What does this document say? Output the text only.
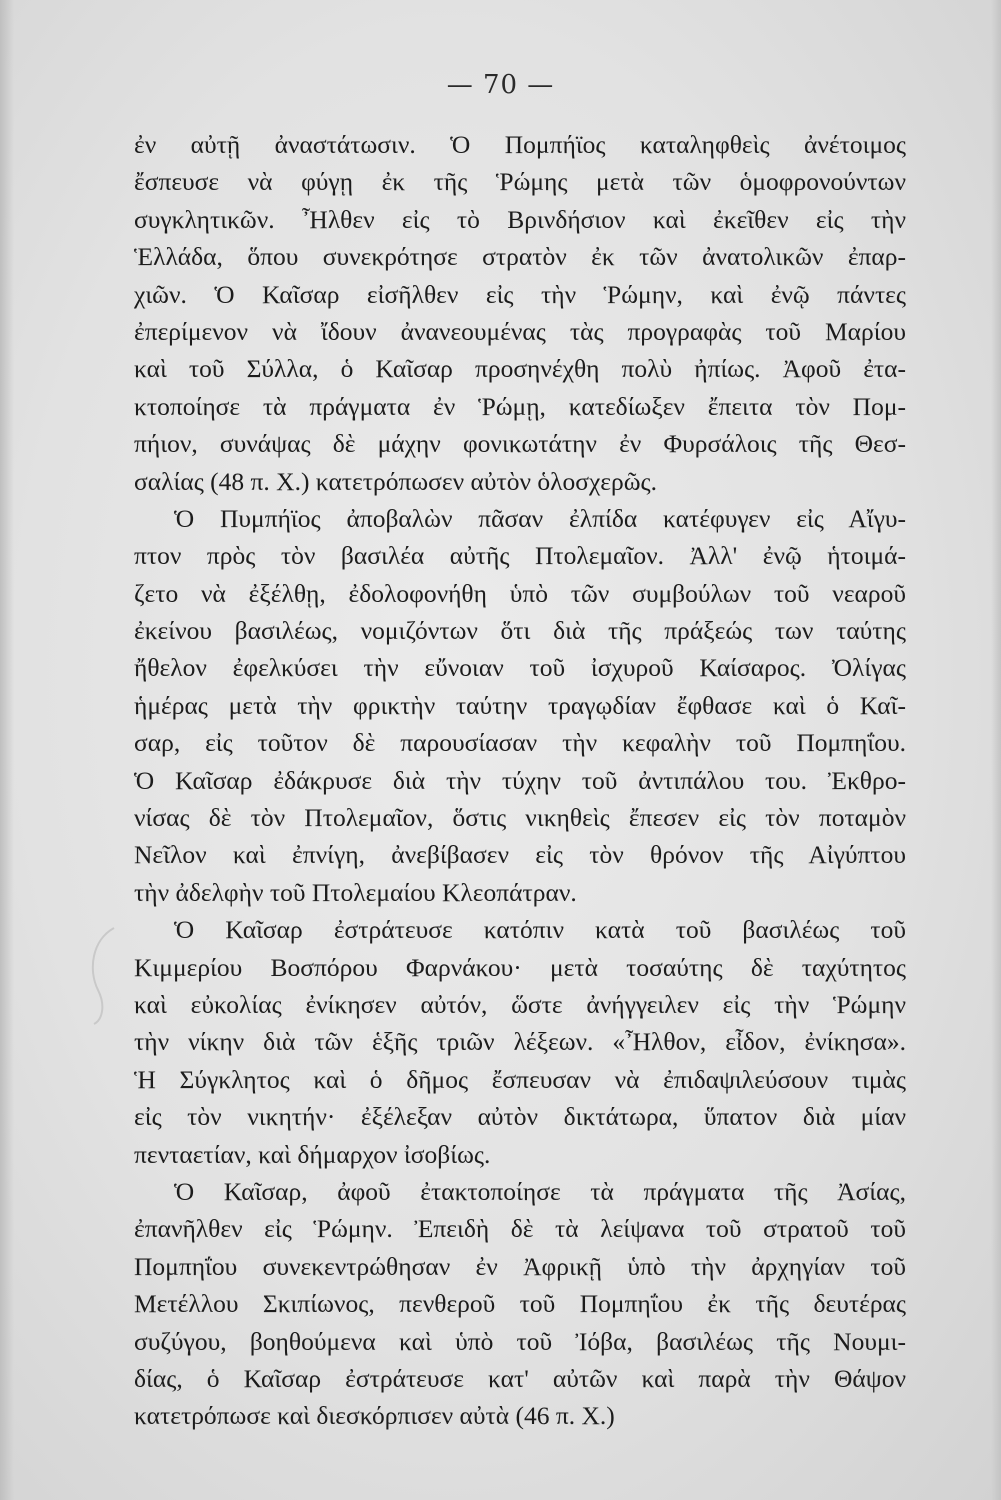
— 70 —
ἐν αὐτῇ ἀναστάτωσιν. Ὁ Πομπήϊος καταληφθεὶς ἀνέτοιμος
ἔσπευσε νὰ φύγῃ ἐκ τῆς Ῥώμης μετὰ τῶν ὁμοφρονούντων
συγκλητικῶν. Ἦλθεν εἰς τὸ Βρινδήσιον καὶ ἐκεῖθεν εἰς τὴν
Ἑλλάδα, ὅπου συνεκρότησε στρατὸν ἐκ τῶν ἀνατολικῶν ἐπαρ-
χιῶν. Ὁ Καῖσαρ εἰσῆλθεν εἰς τὴν Ῥώμην, καὶ ἐνῷ πάντες
ἐπερίμενον νὰ ἴδουν ἀνανεουμένας τὰς προγραφὰς τοῦ Μαρίου
καὶ τοῦ Σύλλα, ὁ Καῖσαρ προσηνέχθη πολὺ ἠπίως. Ἀφοῦ ἐτα-
κτοποίησε τὰ πράγματα ἐν Ῥώμῃ, κατεδίωξεν ἔπειτα τὸν Πομ-
πήιον, συνάψας δὲ μάχην φονικωτάτην ἐν Φυρσάλοις τῆς Θεσ-
σαλίας (48 π. Χ.) κατετρόπωσεν αὐτὸν ὁλοσχερῶς.
Ὁ Πυμπήϊος ἀποβαλὼν πᾶσαν ἐλπίδα κατέφυγεν εἰς Αἴγυ-
πτον πρὸς τὸν βασιλέα αὐτῆς Πτολεμαῖον. Ἀλλ' ἐνῷ ἡτοιμά-
ζετο νὰ ἐξέλθῃ, ἐδολοφονήθη ὑπὸ τῶν συμβούλων τοῦ νεαροῦ
ἐκείνου βασιλέως, νομιζόντων ὅτι διὰ τῆς πράξεώς των ταύτης
ἤθελον ἐφελκύσει τὴν εὔνοιαν τοῦ ἰσχυροῦ Καίσαρος. Ὀλίγας
ἡμέρας μετὰ τὴν φρικτὴν ταύτην τραγῳδίαν ἔφθασε καὶ ὁ Καῖ-
σαρ, εἰς τοῦτον δὲ παρουσίασαν τὴν κεφαλὴν τοῦ Πομπηΐου.
Ὁ Καῖσαρ ἐδάκρυσε διὰ τὴν τύχην τοῦ ἀντιπάλου του. Ἐκθρο-
νίσας δὲ τὸν Πτολεμαῖον, ὅστις νικηθεὶς ἔπεσεν εἰς τὸν ποταμὸν
Νεῖλον καὶ ἐπνίγη, ἀνεβίβασεν εἰς τὸν θρόνον τῆς Αἰγύπτου
τὴν ἀδελφὴν τοῦ Πτολεμαίου Κλεοπάτραν.
Ὁ Καῖσαρ ἐστράτευσε κατόπιν κατὰ τοῦ βασιλέως τοῦ
Κιμμερίου Βοσπόρου Φαρνάκου· μετὰ τοσαύτης δὲ ταχύτητος
καὶ εὐκολίας ἐνίκησεν αὐτόν, ὥστε ἀνήγγειλεν εἰς τὴν Ῥώμην
τὴν νίκην διὰ τῶν ἑξῆς τριῶν λέξεων. «Ἦλθον, εἶδον, ἐνίκησα».
Ἡ Σύγκλητος καὶ ὁ δῆμος ἔσπευσαν νὰ ἐπιδαψιλεύσουν τιμὰς
εἰς τὸν νικητήν· ἐξέλεξαν αὐτὸν δικτάτωρα, ὕπατον διὰ μίαν
πενταετίαν, καὶ δήμαρχον ἰσοβίως.
Ὁ Καῖσαρ, ἀφοῦ ἐτακτοποίησε τὰ πράγματα τῆς Ἀσίας,
ἐπανῆλθεν εἰς Ῥώμην. Ἐπειδὴ δὲ τὰ λείψανα τοῦ στρατοῦ τοῦ
Πομπηΐου συνεκεντρώθησαν ἐν Ἀφρικῇ ὑπὸ τὴν ἀρχηγίαν τοῦ
Μετέλλου Σκιπίωνος, πενθεροῦ τοῦ Πομπηΐου ἐκ τῆς δευτέρας
συζύγου, βοηθούμενα καὶ ὑπὸ τοῦ Ἰόβα, βασιλέως τῆς Νουμι-
δίας, ὁ Καῖσαρ ἐστράτευσε κατ' αὐτῶν καὶ παρὰ τὴν Θάψον
κατετρόπωσε καὶ διεσκόρπισεν αὐτὰ (46 π. Χ.)
